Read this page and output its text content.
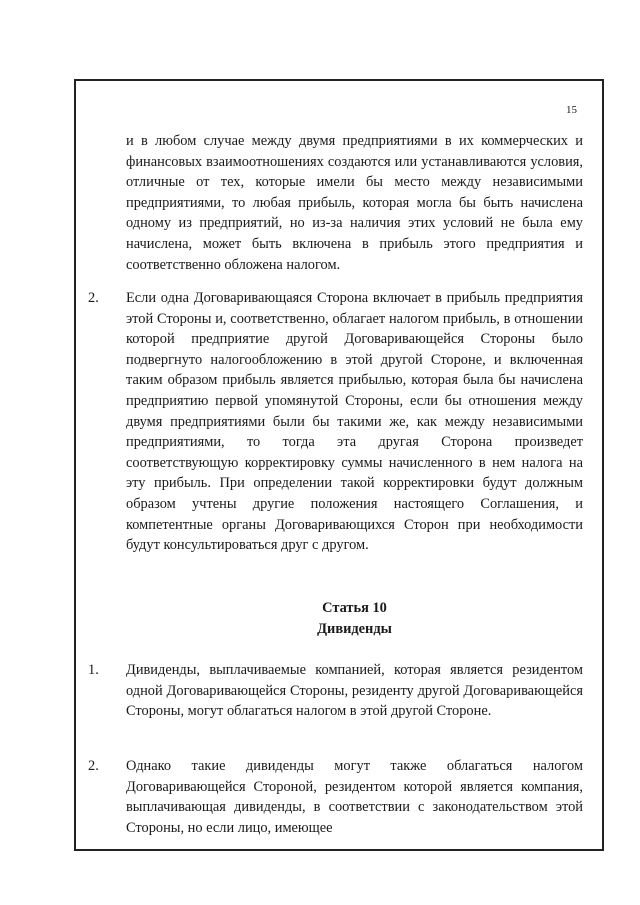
15
и в любом случае между двумя предприятиями в их коммерческих и финансовых взаимоотношениях создаются или устанавливаются условия, отличные от тех, которые имели бы место между независимыми предприятиями, то любая прибыль, которая могла бы быть начислена одному из предприятий, но из-за наличия этих условий не была ему начислена, может быть включена в прибыль этого предприятия и соответственно обложена налогом.
2. Если одна Договаривающаяся Сторона включает в прибыль предприятия этой Стороны и, соответственно, облагает налогом прибыль, в отношении которой предприятие другой Договаривающейся Стороны было подвергнуто налогообложению в этой другой Стороне, и включенная таким образом прибыль является прибылью, которая была бы начислена предприятию первой упомянутой Стороны, если бы отношения между двумя предприятиями были бы такими же, как между независимыми предприятиями, то тогда эта другая Сторона произведет соответствующую корректировку суммы начисленного в нем налога на эту прибыль. При определении такой корректировки будут должным образом учтены другие положения настоящего Соглашения, и компетентные органы Договаривающихся Сторон при необходимости будут консультироваться друг с другом.
Статья 10
Дивиденды
1. Дивиденды, выплачиваемые компанией, которая является резидентом одной Договаривающейся Стороны, резиденту другой Договаривающейся Стороны, могут облагаться налогом в этой другой Стороне.
2. Однако такие дивиденды могут также облагаться налогом Договаривающейся Стороной, резидентом которой является компания, выплачивающая дивиденды, в соответствии с законодательством этой Стороны, но если лицо, имеющее
